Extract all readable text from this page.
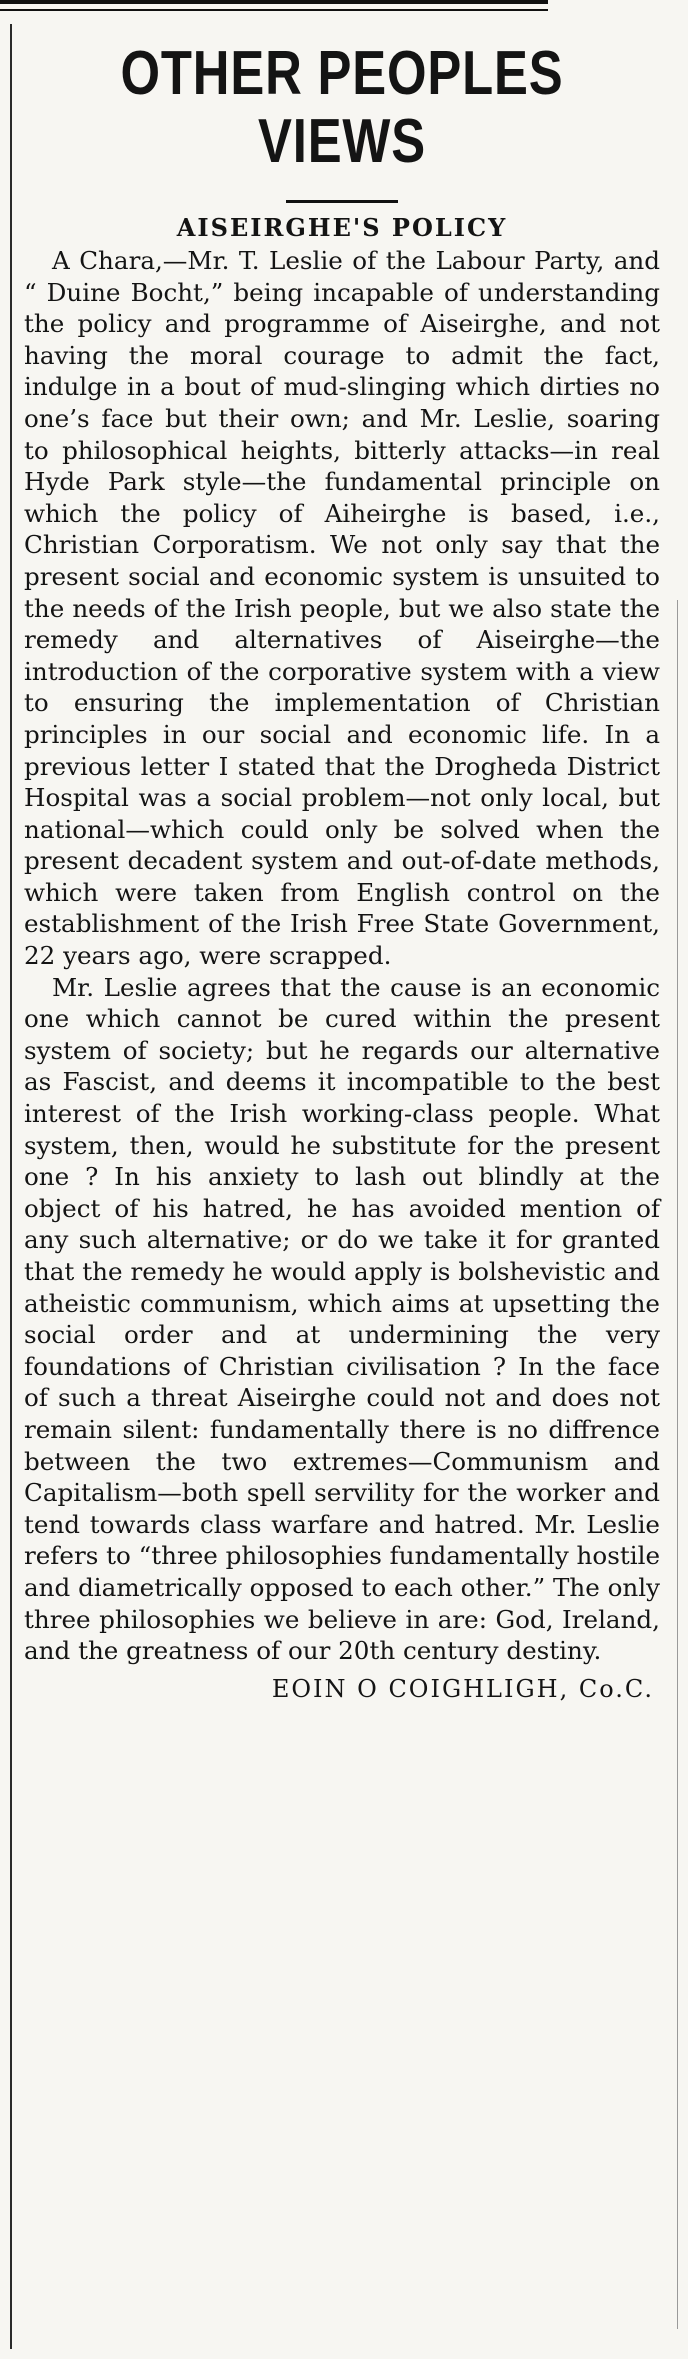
OTHER PEOPLES
VIEWS
AISEIRGHE'S POLICY

A Chara,—Mr. T. Leslie of the Labour Party, and “ Duine Bocht,” being incapable of understanding the policy and programme of Aiseirghe, and not having the moral courage to admit the fact, indulge in a bout of mud-slinging which dirties no one’s face but their own; and Mr. Leslie, soaring to philosophical heights, bitterly attacks—in real Hyde Park style—the fundamental principle on which the policy of Aiheirghe is based, i.e., Christian Corporatism. We not only say that the present social and economic system is unsuited to the needs of the Irish people, but we also state the remedy and alternatives of Aiseirghe—the introduction of the corporative system with a view to ensuring the implementation of Christian principles in our social and economic life. In a previous letter I stated that the Drogheda District Hospital was a social problem—not only local, but national—which could only be solved when the present decadent system and out-of-date methods, which were taken from English control on the establishment of the Irish Free State Government, 22 years ago, were scrapped.

Mr. Leslie agrees that the cause is an economic one which cannot be cured within the present system of society; but he regards our alternative as Fascist, and deems it incompatible to the best interest of the Irish working-class people. What system, then, would he substitute for the present one ? In his anxiety to lash out blindly at the object of his hatred, he has avoided mention of any such alternative; or do we take it for granted that the remedy he would apply is bolshevistic and atheistic communism, which aims at upsetting the social order and at undermining the very foundations of Christian civilisation ? In the face of such a threat Aiseirghe could not and does not remain silent: fundamentally there is no diffrence between the two extremes—Communism and Capitalism—both spell servility for the worker and tend towards class warfare and hatred. Mr. Leslie refers to “three philosophies fundamentally hostile and diametrically opposed to each other.” The only three philosophies we believe in are: God, Ireland, and the greatness of our 20th century destiny.

EOIN O COIGHLIGH, Co.C.
